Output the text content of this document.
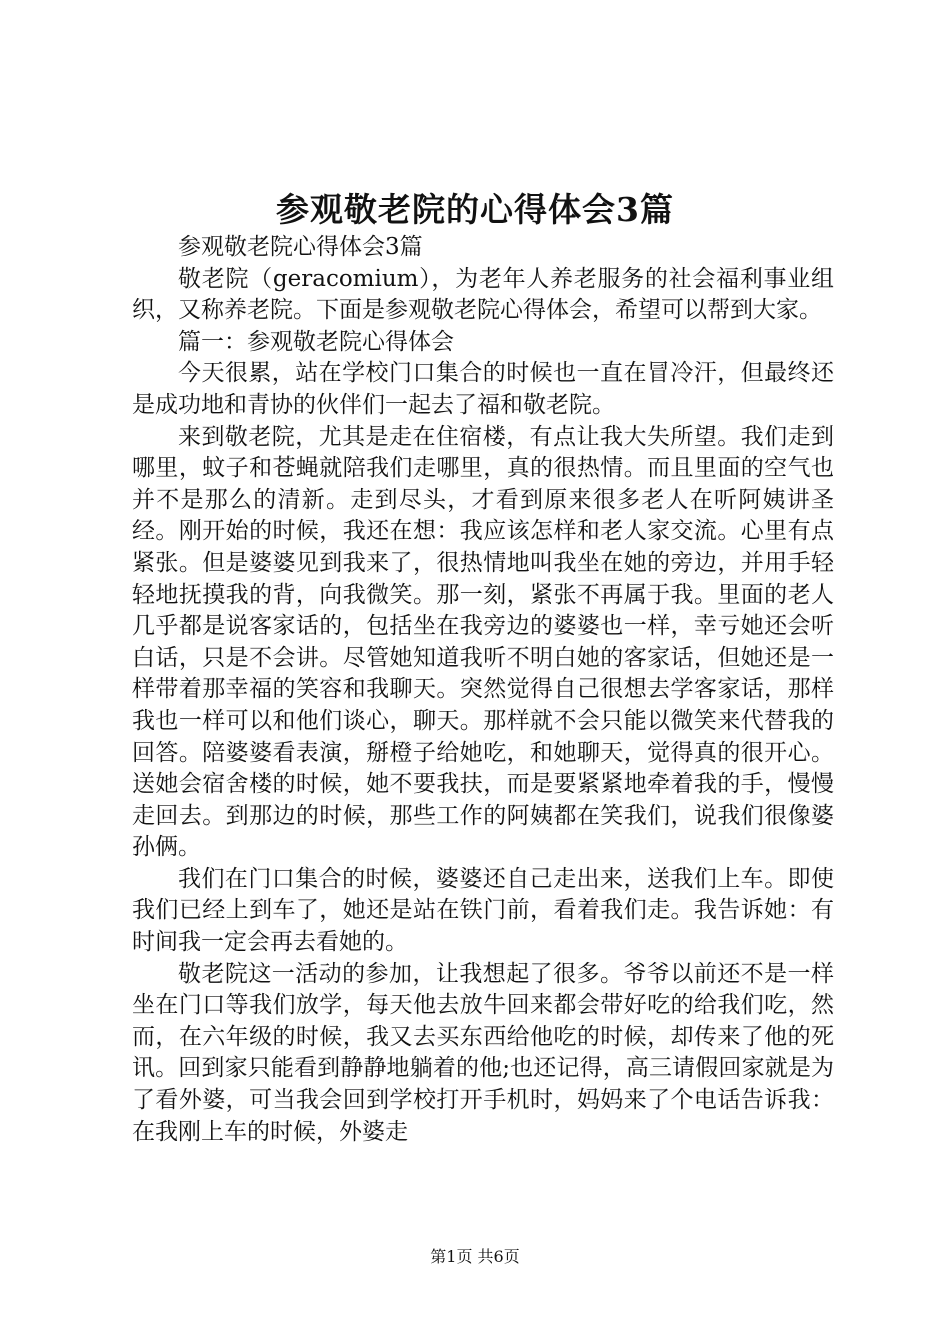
参观敬老院的心得体会3篇

参观敬老院心得体会3篇

敬老院（geracomium），为老年人养老服务的社会福利事业组织，又称养老院。下面是参观敬老院心得体会，希望可以帮到大家。

篇一：参观敬老院心得体会

今天很累，站在学校门口集合的时候也一直在冒冷汗，但最终还是成功地和青协的伙伴们一起去了福和敬老院。

来到敬老院，尤其是走在住宿楼，有点让我大失所望。我们走到哪里，蚊子和苍蝇就陪我们走哪里，真的很热情。而且里面的空气也并不是那么的清新。走到尽头，才看到原来很多老人在听阿姨讲圣经。刚开始的时候，我还在想：我应该怎样和老人家交流。心里有点紧张。但是婆婆见到我来了，很热情地叫我坐在她的旁边，并用手轻轻地抚摸我的背，向我微笑。那一刻，紧张不再属于我。里面的老人几乎都是说客家话的，包括坐在我旁边的婆婆也一样，幸亏她还会听白话，只是不会讲。尽管她知道我听不明白她的客家话，但她还是一样带着那幸福的笑容和我聊天。突然觉得自己很想去学客家话，那样我也一样可以和他们谈心，聊天。那样就不会只能以微笑来代替我的回答。陪婆婆看表演，掰橙子给她吃，和她聊天，觉得真的很开心。送她会宿舍楼的时候，她不要我扶，而是要紧紧地牵着我的手，慢慢走回去。到那边的时候，那些工作的阿姨都在笑我们，说我们很像婆孙俩。

我们在门口集合的时候，婆婆还自己走出来，送我们上车。即使我们已经上到车了，她还是站在铁门前，看着我们走。我告诉她：有时间我一定会再去看她的。

敬老院这一活动的参加，让我想起了很多。爷爷以前还不是一样坐在门口等我们放学，每天他去放牛回来都会带好吃的给我们吃，然而，在六年级的时候，我又去买东西给他吃的时候，却传来了他的死讯。回到家只能看到静静地躺着的他;也还记得，高三请假回家就是为了看外婆，可当我会回到学校打开手机时，妈妈来了个电话告诉我：在我刚上车的时候，外婆走

第1页 共6页
